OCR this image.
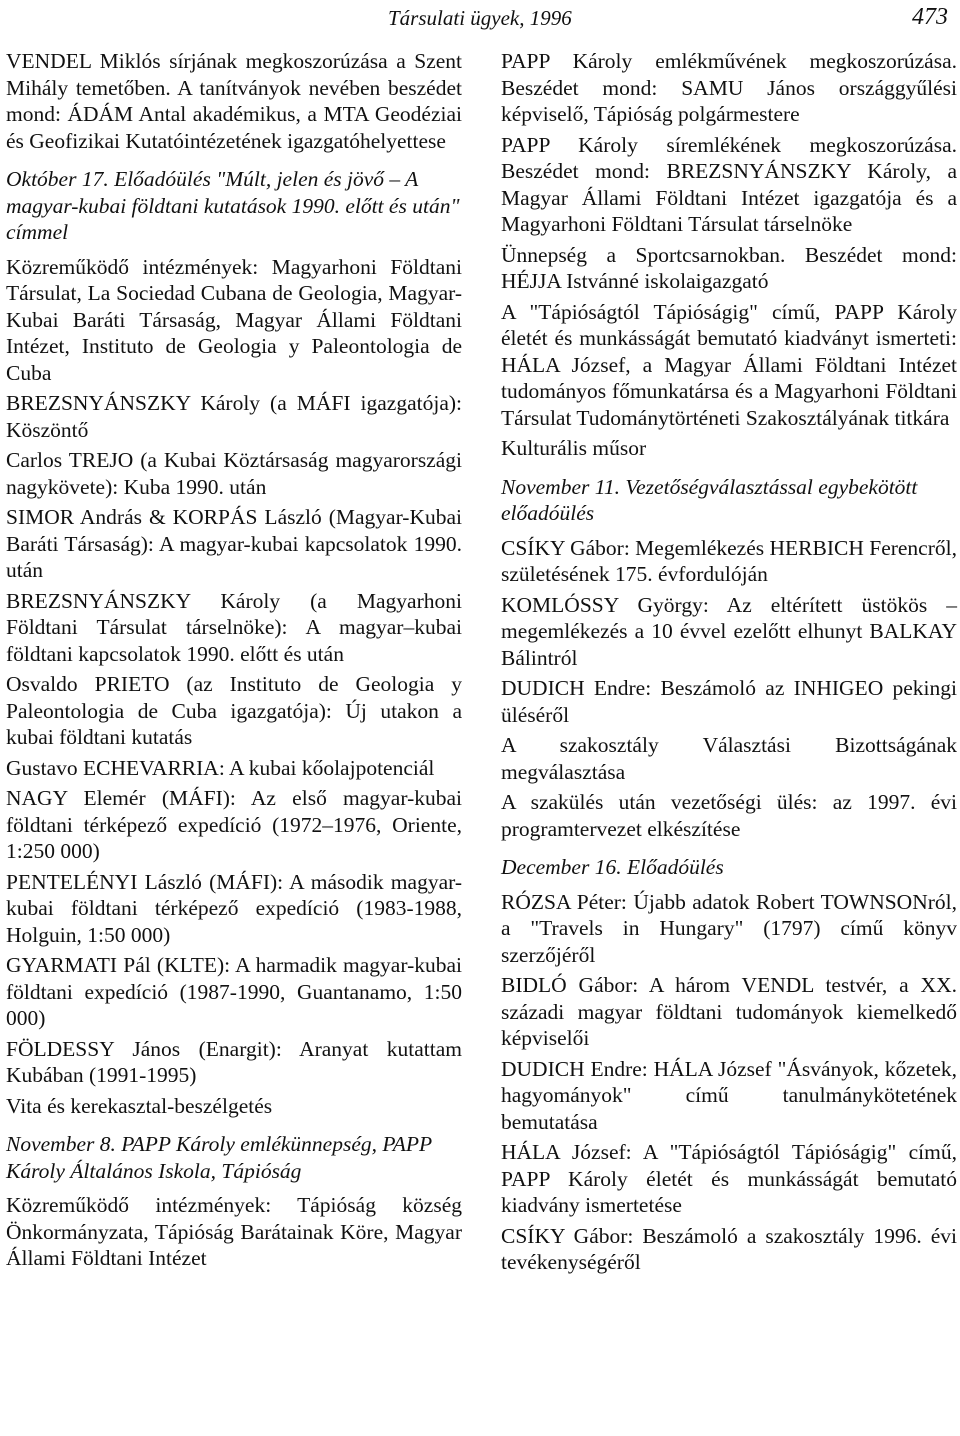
Társulati ügyek, 1996	473

VENDEL Miklós sírjának megkoszorúzása a Szent Mihály temetőben. A tanítványok nevében beszédet mond: ÁDÁM Antal akadémikus, a MTA Geodéziai és Geofizikai Kutatóintézetének igazgatóhelyettese

Október 17. Előadóülés "Múlt, jelen és jövő – A magyar-kubai földtani kutatások 1990. előtt és után" címmel

Közreműködő intézmények: Magyarhoni Földtani Társulat, La Sociedad Cubana de Geologia, Magyar-Kubai Baráti Társaság, Magyar Állami Földtani Intézet, Instituto de Geologia y Paleontologia de Cuba

BREZSNYÁNSZKY Károly (a MÁFI igazgatója): Köszöntő

Carlos TREJO (a Kubai Köztársaság magyarországi nagykövete): Kuba 1990. után

SIMOR András & KORPÁS László (Magyar-Kubai Baráti Társaság): A magyar-kubai kapcsolatok 1990. után

BREZSNYÁNSZKY Károly (a Magyarhoni Földtani Társulat társelnöke): A magyar–kubai földtani kapcsolatok 1990. előtt és után

Osvaldo PRIETO (az Instituto de Geologia y Paleontologia de Cuba igazgatója): Új utakon a kubai földtani kutatás

Gustavo ECHEVARRIA: A kubai kőolajpotenciál

NAGY Elemér (MÁFI): Az első magyar-kubai földtani térképező expedíció (1972–1976, Oriente, 1:250 000)

PENTELÉNYI László (MÁFI): A második magyar-kubai földtani térképező expedíció (1983-1988, Holguin, 1:50 000)

GYARMATI Pál (KLTE): A harmadik magyar-kubai földtani expedíció (1987-1990, Guantanamo, 1:50 000)

FÖLDESSY János (Enargit): Aranyat kutattam Kubában (1991-1995)

Vita és kerekasztal-beszélgetés

November 8. PAPP Károly emlékünnepség, PAPP Károly Általános Iskola, Tápióság

Közreműködő intézmények: Tápióság község Önkormányzata, Tápióság Barátainak Köre, Magyar Állami Földtani Intézet

PAPP Károly emlékművének megkoszorúzása. Beszédet mond: SAMU János országgyűlési képviselő, Tápióság polgármestere

PAPP Károly síremlékének megkoszorúzása. Beszédet mond: BREZSNYÁNSZKY Károly, a Magyar Állami Földtani Intézet igazgatója és a Magyarhoni Földtani Társulat társelnöke

Ünnepség a Sportcsarnokban. Beszédet mond: HÉJJA Istvánné iskolaigazgató

A "Tápióságtól Tápióságig" című, PAPP Károly életét és munkásságát bemutató kiadványt ismerteti: HÁLA József, a Magyar Állami Földtani Intézet tudományos főmunkatársa és a Magyarhoni Földtani Társulat Tudománytörténeti Szakosztályának titkára

Kulturális műsor

November 11. Vezetőségválasztással egybekötött előadóülés

CSÍKY Gábor: Megemlékezés HERBICH Ferencről, születésének 175. évfordulóján

KOMLÓSSY György: Az eltérített üstökös – megemlékezés a 10 évvel ezelőtt elhunyt BALKAY Bálintról

DUDICH Endre: Beszámoló az INHIGEO pekingi üléséről

A szakosztály Választási Bizottságának megválasztása

A szakülés után vezetőségi ülés: az 1997. évi programtervezet elkészítése

December 16. Előadóülés

RÓZSA Péter: Újabb adatok Robert TOWNSONról, a "Travels in Hungary" (1797) című könyv szerzőjéről

BIDLÓ Gábor: A három VENDL testvér, a XX. századi magyar földtani tudományok kiemelkedő képviselői

DUDICH Endre: HÁLA József "Ásványok, kőzetek, hagyományok" című tanulmánykötetének bemutatása

HÁLA József: A "Tápióságtól Tápióságig" című, PAPP Károly életét és munkásságát bemutató kiadvány ismertetése

CSÍKY Gábor: Beszámoló a szakosztály 1996. évi tevékenységéről
